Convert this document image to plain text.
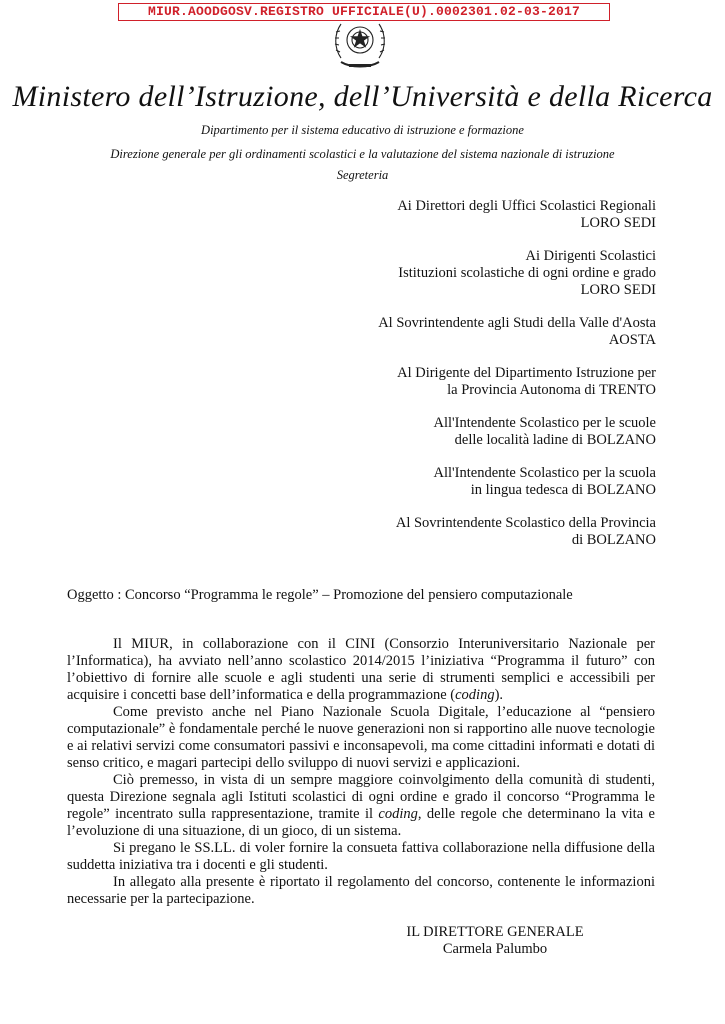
MIUR.AOODGOSV.REGISTRO UFFICIALE(U).0002301.02-03-2017
Ministero dell’Istruzione, dell’Università e della Ricerca
Dipartimento per il sistema educativo di istruzione e formazione
Direzione generale per gli ordinamenti scolastici e la valutazione del sistema nazionale di istruzione
Segreteria
Ai Direttori degli Uffici Scolastici Regionali
LORO SEDI
Ai Dirigenti Scolastici
Istituzioni scolastiche di ogni ordine e grado
LORO SEDI
Al Sovrintendente agli Studi della Valle d'Aosta
AOSTA
Al Dirigente del Dipartimento Istruzione per
la Provincia Autonoma di TRENTO
All'Intendente Scolastico per le scuole
delle località ladine di BOLZANO
All'Intendente Scolastico per la scuola
in lingua tedesca di BOLZANO
Al Sovrintendente Scolastico della Provincia
di BOLZANO
Oggetto : Concorso “Programma le regole” – Promozione del pensiero computazionale

Il MIUR, in collaborazione con il CINI (Consorzio Interuniversitario Nazionale per l’Informatica), ha avviato nell’anno scolastico 2014/2015 l’iniziativa “Programma il futuro” con l’obiettivo di fornire alle scuole e agli studenti una serie di strumenti semplici e accessibili per acquisire i concetti base dell’informatica e della programmazione (coding).

Come previsto anche nel Piano Nazionale Scuola Digitale, l’educazione al “pensiero computazionale” è fondamentale perché le nuove generazioni non si rapportino alle nuove tecnologie e ai relativi servizi come consumatori passivi e inconsapevoli, ma come cittadini informati e dotati di senso critico, e magari partecipi dello sviluppo di nuovi servizi e applicazioni.

Ciò premesso, in vista di un sempre maggiore coinvolgimento della comunità di studenti, questa Direzione segnala agli Istituti scolastici di ogni ordine e grado il concorso “Programma le regole” incentrato sulla rappresentazione, tramite il coding, delle regole che determinano la vita e l’evoluzione di una situazione, di un gioco, di un sistema.

Si pregano le SS.LL. di voler fornire la consueta fattiva collaborazione nella diffusione della suddetta iniziativa tra i docenti e gli studenti.

In allegato alla presente è riportato il regolamento del concorso, contenente le informazioni necessarie per la partecipazione.

IL DIRETTORE GENERALE
Carmela Palumbo
